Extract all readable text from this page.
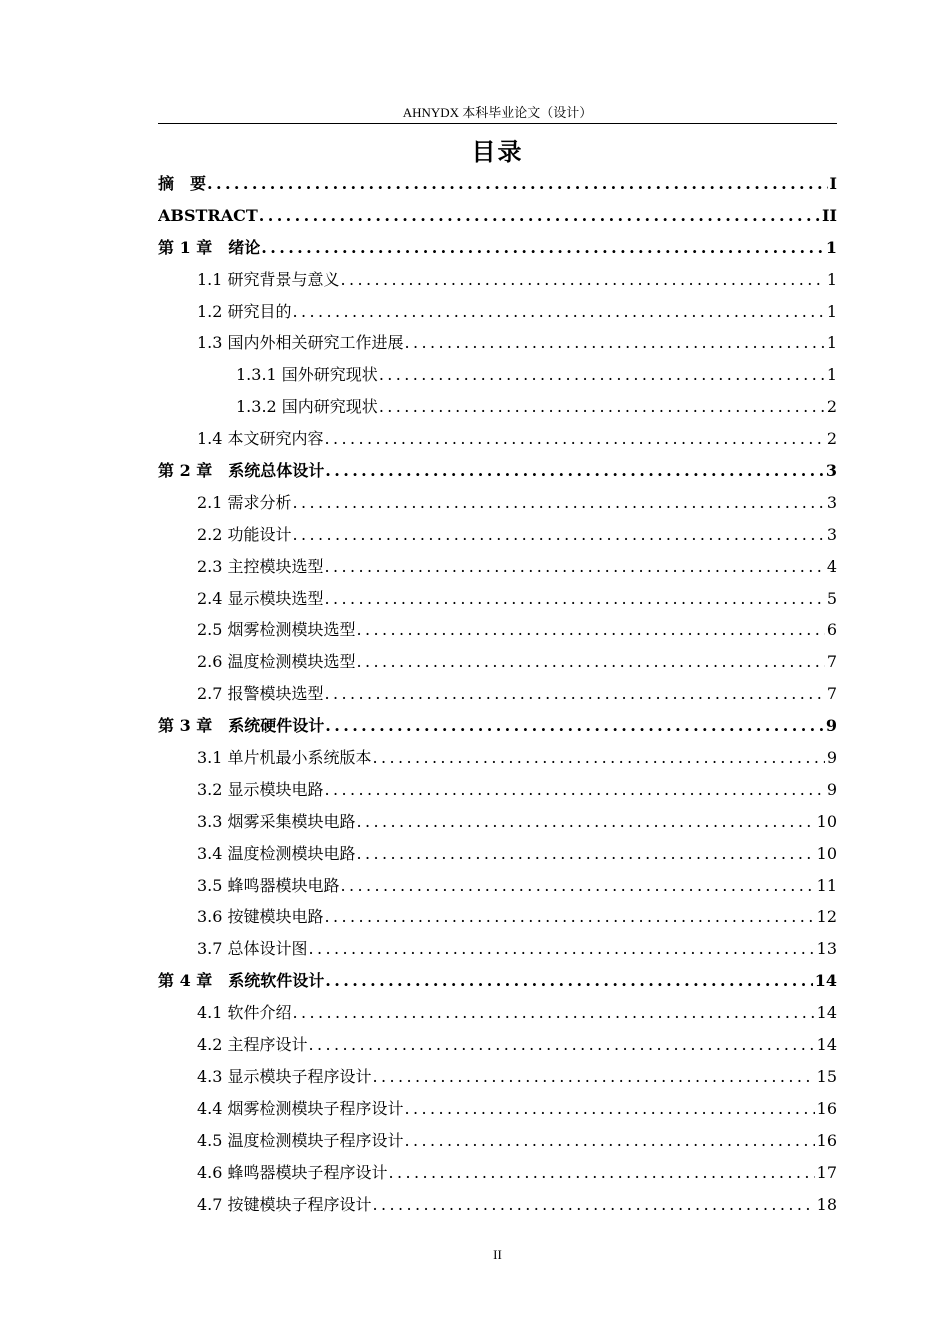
AHNYDX 本科毕业论文（设计）
目录
摘　要 .....	I
ABSTRACT .....	II
第 1 章　绪论 .....	1
1.1 研究背景与意义 .....	1
1.2 研究目的 .....	1
1.3 国内外相关研究工作进展 .....	1
1.3.1 国外研究现状 .....	1
1.3.2 国内研究现状 .....	2
1.4 本文研究内容 .....	2
第 2 章　系统总体设计 .....	3
2.1 需求分析 .....	3
2.2 功能设计 .....	3
2.3 主控模块选型 .....	4
2.4 显示模块选型 .....	5
2.5 烟雾检测模块选型 .....	6
2.6 温度检测模块选型 .....	7
2.7 报警模块选型 .....	7
第 3 章　系统硬件设计 .....	9
3.1 单片机最小系统版本 .....	9
3.2 显示模块电路 .....	9
3.3 烟雾采集模块电路 .....	10
3.4 温度检测模块电路 .....	10
3.5 蜂鸣器模块电路 .....	11
3.6 按键模块电路 .....	12
3.7 总体设计图 .....	13
第 4 章　系统软件设计 .....	14
4.1 软件介绍 .....	14
4.2 主程序设计 .....	14
4.3 显示模块子程序设计 .....	15
4.4 烟雾检测模块子程序设计 .....	16
4.5 温度检测模块子程序设计 .....	16
4.6 蜂鸣器模块子程序设计 .....	17
4.7 按键模块子程序设计 .....	18
II
